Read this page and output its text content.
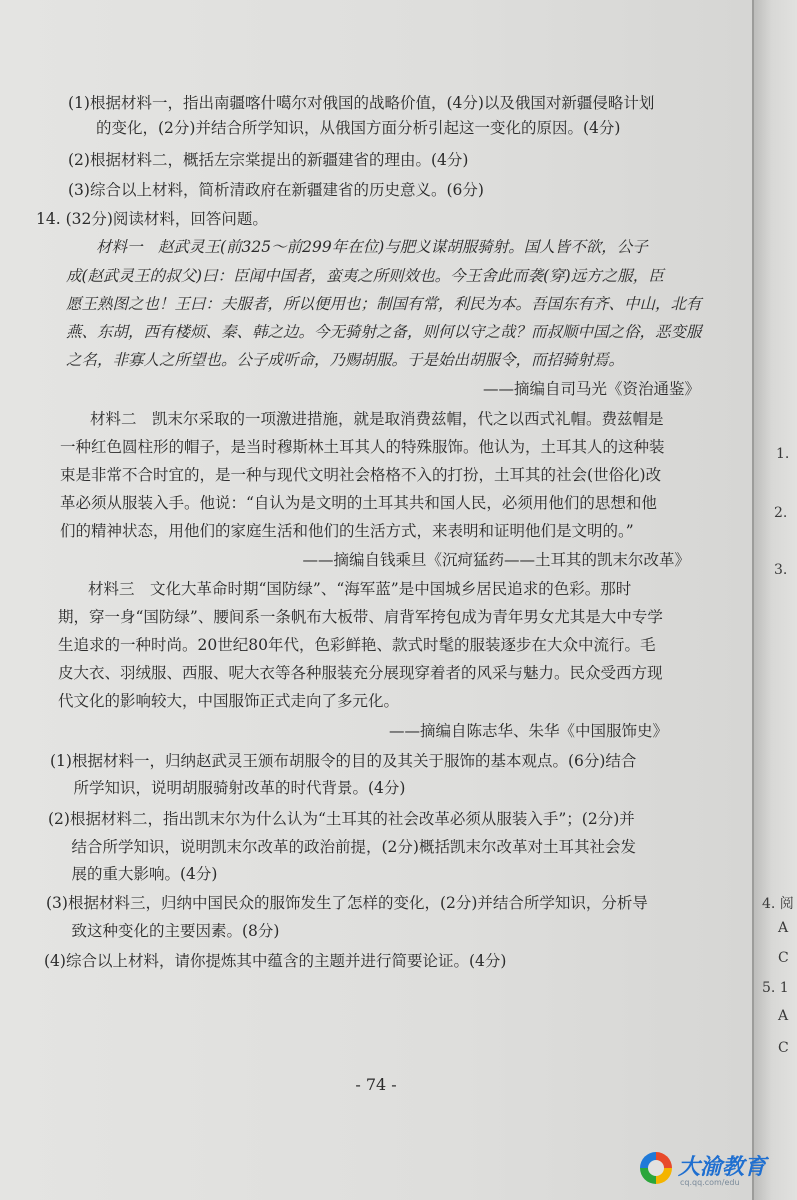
(1)根据材料一，指出南疆喀什噶尔对俄国的战略价值，(4分)以及俄国对新疆侵略计划
的变化，(2分)并结合所学知识，从俄国方面分析引起这一变化的原因。(4分)
(2)根据材料二，概括左宗棠提出的新疆建省的理由。(4分)
(3)综合以上材料，简析清政府在新疆建省的历史意义。(6分)
14. (32分)阅读材料，回答问题。
材料一　赵武灵王(前325～前299年在位)与肥义谋胡服骑射。国人皆不欲，公子
成(赵武灵王的叔父)曰：臣闻中国者，蛮夷之所则效也。今王舍此而袭(穿)远方之服，臣
愿王熟图之也！王曰：夫服者，所以便用也；制国有常，利民为本。吾国东有齐、中山，北有
燕、东胡，西有楼烦、秦、韩之边。今无骑射之备，则何以守之哉？而叔顺中国之俗，恶变服
之名，非寡人之所望也。公子成听命，乃赐胡服。于是始出胡服令，而招骑射焉。
——摘编自司马光《资治通鉴》
材料二　凯末尔采取的一项激进措施，就是取消费兹帽，代之以西式礼帽。费兹帽是
一种红色圆柱形的帽子，是当时穆斯林土耳其人的特殊服饰。他认为，土耳其人的这种装
束是非常不合时宜的，是一种与现代文明社会格格不入的打扮，土耳其的社会(世俗化)改
革必须从服装入手。他说：“自认为是文明的土耳其共和国人民，必须用他们的思想和他
们的精神状态，用他们的家庭生活和他们的生活方式，来表明和证明他们是文明的。”
——摘编自钱乘旦《沉疴猛药——土耳其的凯末尔改革》
材料三　文化大革命时期“国防绿”、“海军蓝”是中国城乡居民追求的色彩。那时
期，穿一身“国防绿”、腰间系一条帆布大板带、肩背军挎包成为青年男女尤其是大中专学
生追求的一种时尚。20世纪80年代，色彩鲜艳、款式时髦的服装逐步在大众中流行。毛
皮大衣、羽绒服、西服、呢大衣等各种服装充分展现穿着者的风采与魅力。民众受西方现
代文化的影响较大，中国服饰正式走向了多元化。
——摘编自陈志华、朱华《中国服饰史》
(1)根据材料一，归纳赵武灵王颁布胡服令的目的及其关于服饰的基本观点。(6分)结合
　所学知识，说明胡服骑射改革的时代背景。(4分)
(2)根据材料二，指出凯末尔为什么认为“土耳其的社会改革必须从服装入手”；(2分)并
　结合所学知识，说明凯末尔改革的政治前提，(2分)概括凯末尔改革对土耳其社会发
　展的重大影响。(4分)
(3)根据材料三，归纳中国民众的服饰发生了怎样的变化，(2分)并结合所学知识，分析导
　致这种变化的主要因素。(8分)
(4)综合以上材料，请你提炼其中蕴含的主题并进行简要论证。(4分)
- 74 -
1.
2.
3.
4. 阅
A
C
5. 1
A
C
大渝教育
cq.qq.com/edu
